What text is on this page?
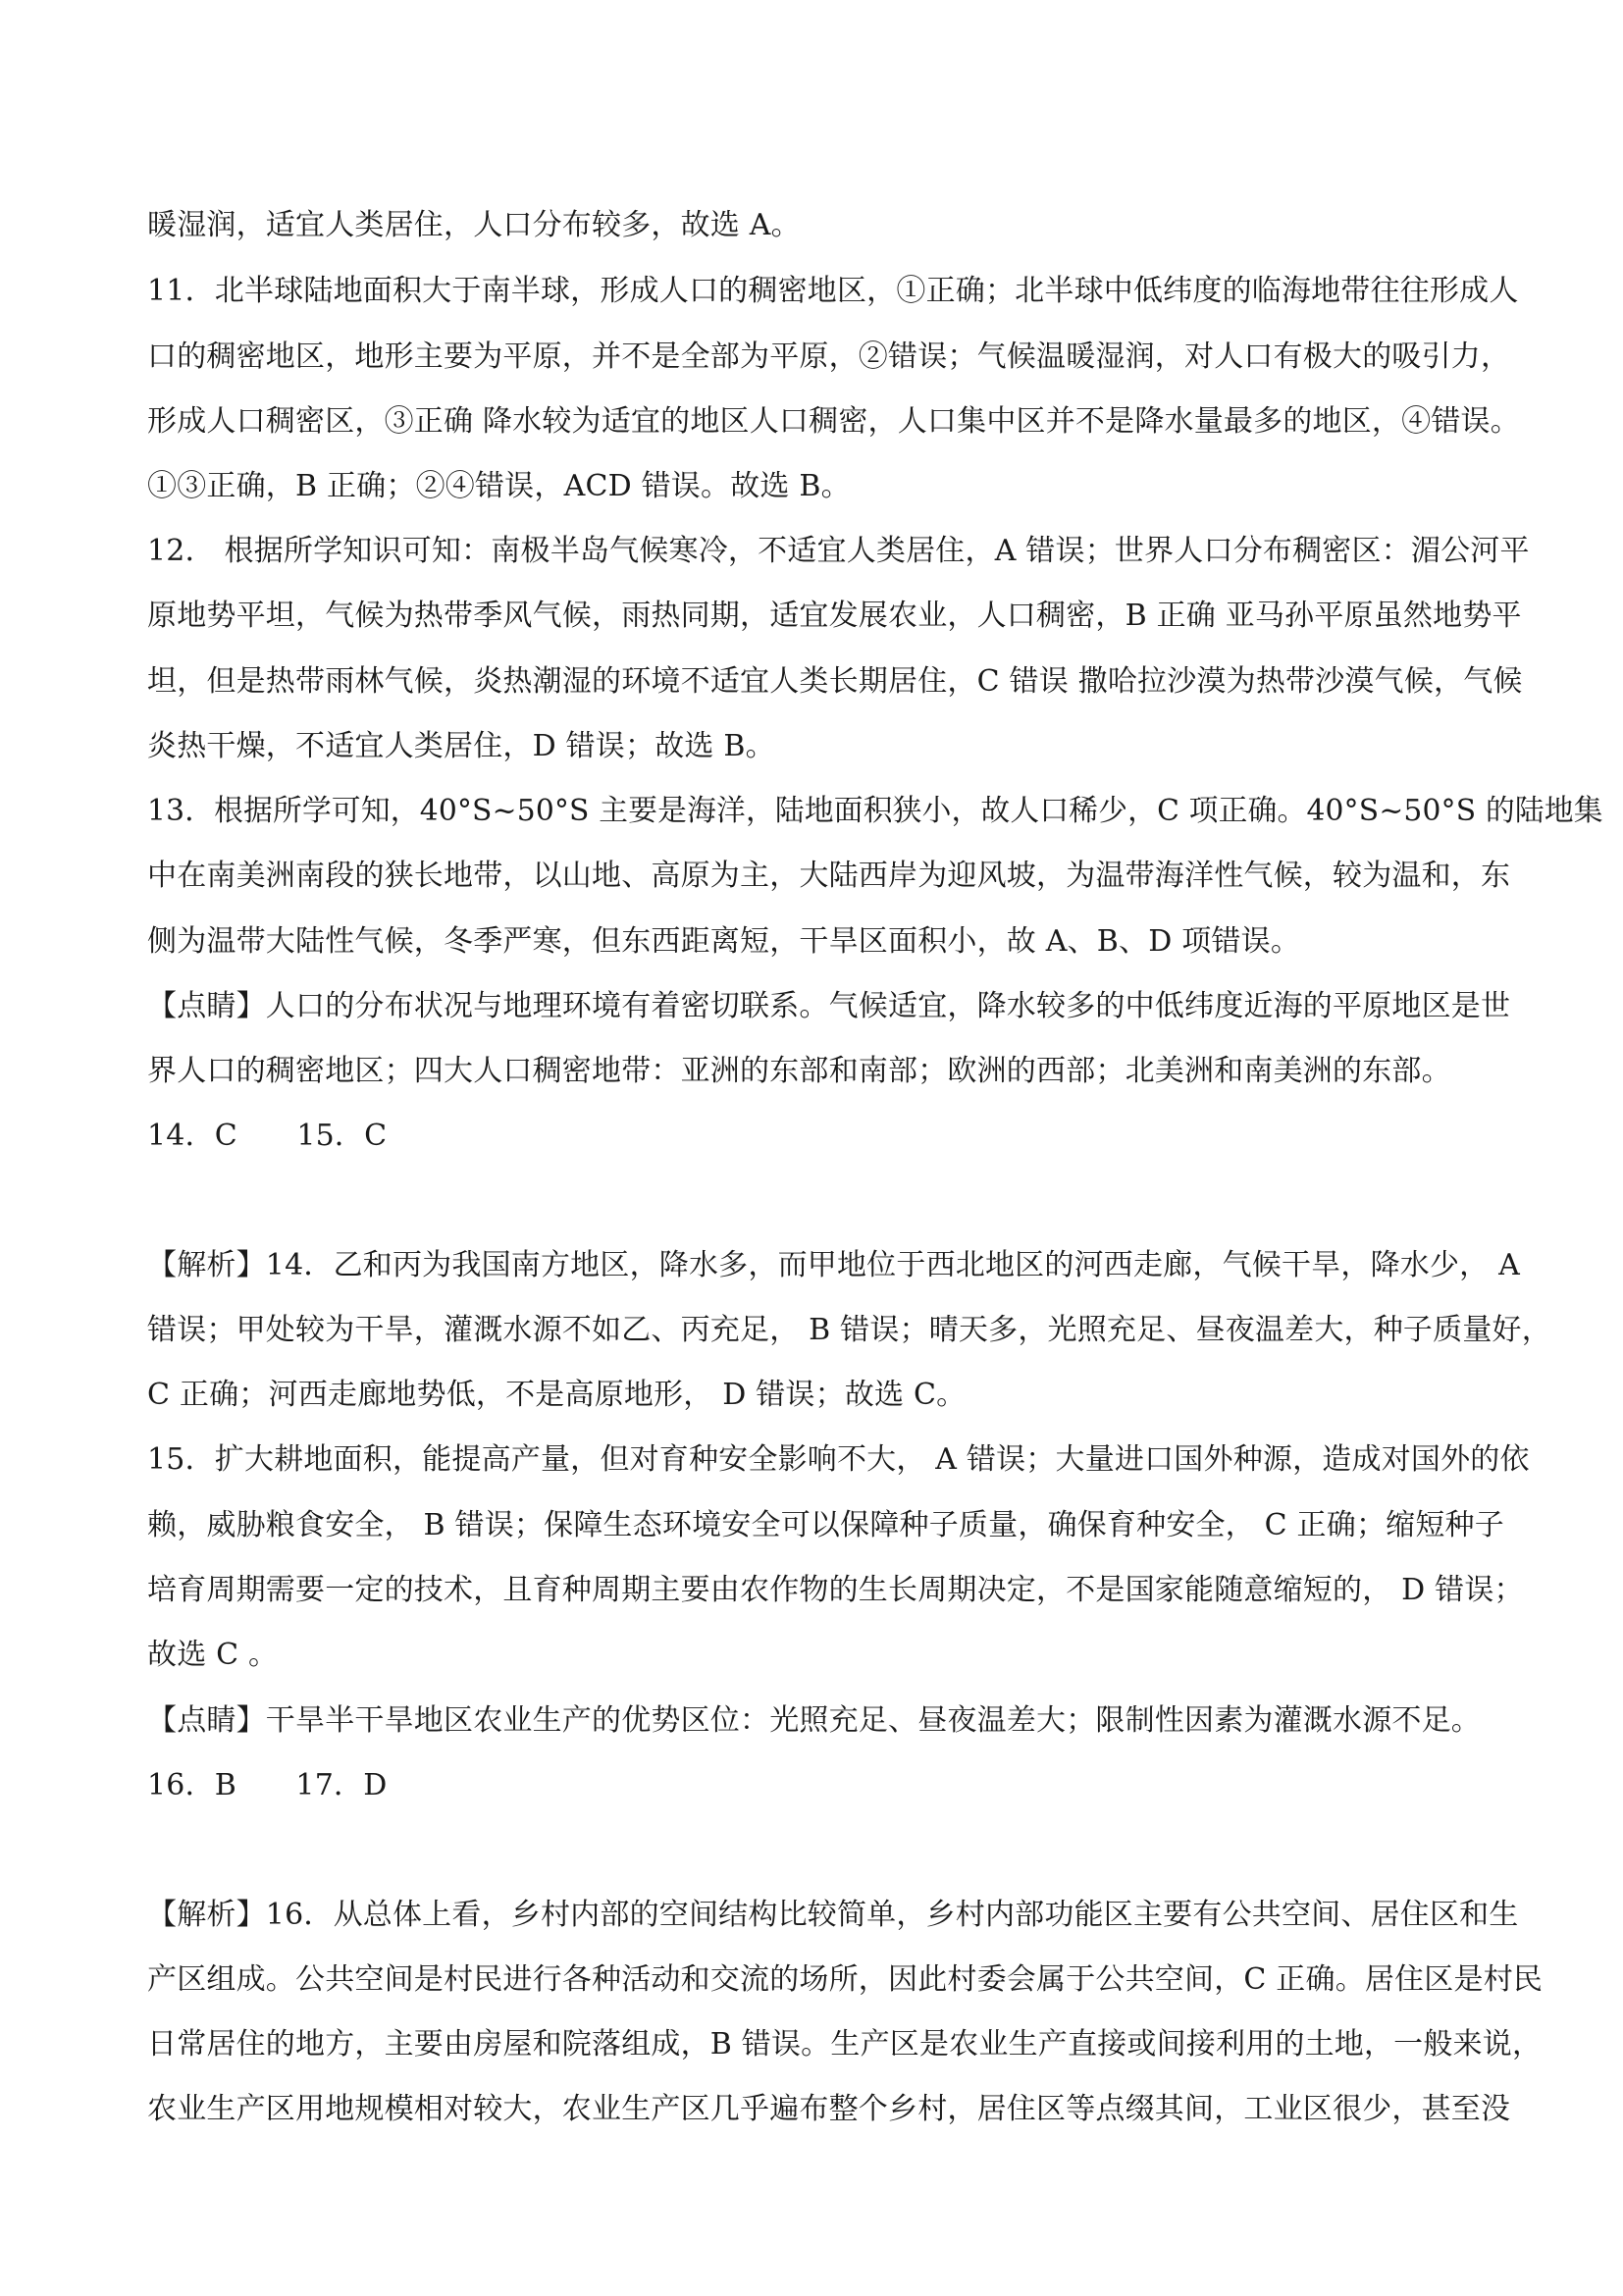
暖湿润，适宜人类居住，人口分布较多，故选 A。
11．北半球陆地面积大于南半球，形成人口的稠密地区，①正确；北半球中低纬度的临海地带往往形成人
口的稠密地区，地形主要为平原，并不是全部为平原，②错误；气候温暖湿润，对人口有极大的吸引力，
形成人口稠密区，③正确 降水较为适宜的地区人口稠密，人口集中区并不是降水量最多的地区，④错误。
①③正确，B 正确；②④错误，ACD 错误。故选 B。
12． 根据所学知识可知：南极半岛气候寒冷，不适宜人类居住，A 错误；世界人口分布稠密区：湄公河平
原地势平坦，气候为热带季风气候，雨热同期，适宜发展农业，人口稠密，B 正确 亚马孙平原虽然地势平
坦，但是热带雨林气候，炎热潮湿的环境不适宜人类长期居住，C 错误 撒哈拉沙漠为热带沙漠气候，气候
炎热干燥，不适宜人类居住，D 错误；故选 B。
13．根据所学可知，40°S~50°S 主要是海洋，陆地面积狭小，故人口稀少，C 项正确。40°S~50°S 的陆地集
中在南美洲南段的狭长地带，以山地、高原为主，大陆西岸为迎风坡，为温带海洋性气候，较为温和，东
侧为温带大陆性气候，冬季严寒，但东西距离短，干旱区面积小，故 A、B、D 项错误。
【点睛】人口的分布状况与地理环境有着密切联系。气候适宜，降水较多的中低纬度近海的平原地区是世
界人口的稠密地区；四大人口稠密地带：亚洲的东部和南部；欧洲的西部；北美洲和南美洲的东部。
14．C　　15．C
【解析】14．乙和丙为我国南方地区，降水多，而甲地位于西北地区的河西走廊，气候干旱，降水少， A
错误；甲处较为干旱，灌溉水源不如乙、丙充足， B 错误；晴天多，光照充足、昼夜温差大，种子质量好，
C 正确；河西走廊地势低，不是高原地形， D 错误；故选 C。
15．扩大耕地面积，能提高产量，但对育种安全影响不大， A 错误；大量进口国外种源，造成对国外的依
赖，威胁粮食安全， B 错误；保障生态环境安全可以保障种子质量，确保育种安全， C 正确；缩短种子
培育周期需要一定的技术，且育种周期主要由农作物的生长周期决定，不是国家能随意缩短的， D 错误；
故选 C 。
【点睛】干旱半干旱地区农业生产的优势区位：光照充足、昼夜温差大；限制性因素为灌溉水源不足。
16．B　　17．D
【解析】16．从总体上看，乡村内部的空间结构比较简单，乡村内部功能区主要有公共空间、居住区和生
产区组成。公共空间是村民进行各种活动和交流的场所，因此村委会属于公共空间，C 正确。居住区是村民
日常居住的地方，主要由房屋和院落组成，B 错误。生产区是农业生产直接或间接利用的土地，一般来说，
农业生产区用地规模相对较大，农业生产区几乎遍布整个乡村，居住区等点缀其间，工业区很少，甚至没
